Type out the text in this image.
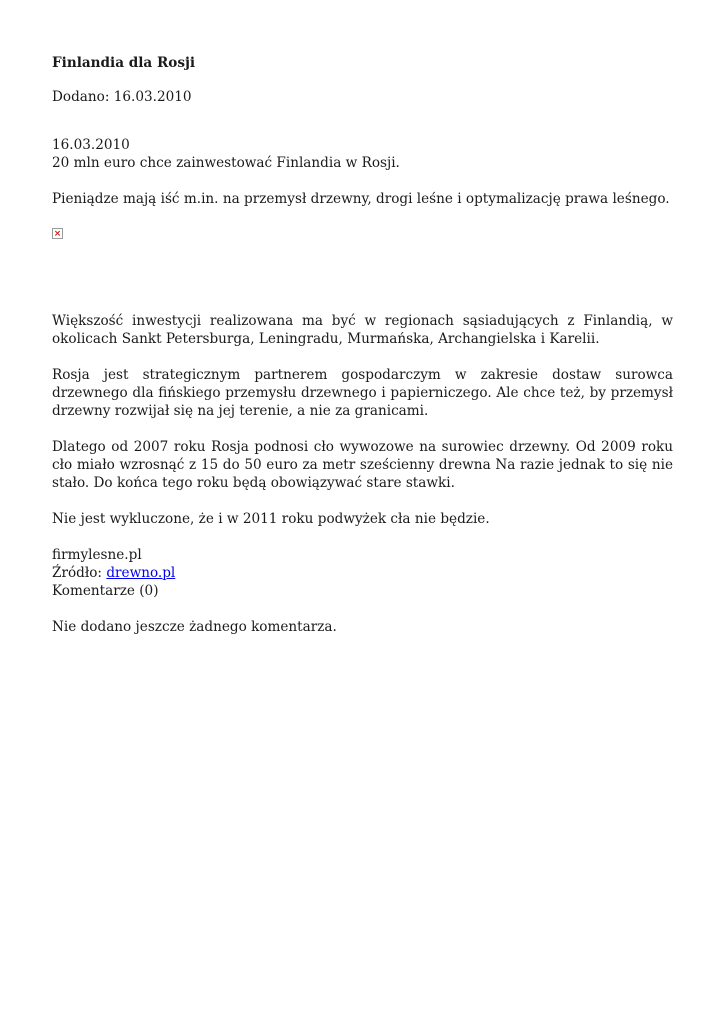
Finlandia dla Rosji
Dodano: 16.03.2010
16.03.2010
20 mln euro chce zainwestować Finlandia w Rosji.
Pieniądze mają iść m.in. na przemysł drzewny, drogi leśne i optymalizację prawa leśnego.
×
Większość inwestycji realizowana ma być w regionach sąsiadujących z Finlandią, w okolicach Sankt Petersburga, Leningradu, Murmańska, Archangielska i Karelii.
Rosja jest strategicznym partnerem gospodarczym w zakresie dostaw surowca drzewnego dla fińskiego przemysłu drzewnego i papierniczego. Ale chce też, by przemysł drzewny rozwijał się na jej terenie, a nie za granicami.
Dlatego od 2007 roku Rosja podnosi cło wywozowe na surowiec drzewny. Od 2009 roku cło miało wzrosnąć z 15 do 50 euro za metr sześcienny drewna Na razie jednak to się nie stało. Do końca tego roku będą obowiązywać stare stawki.
Nie jest wykluczone, że i w 2011 roku podwyżek cła nie będzie.
firmylesne.pl
Źródło: drewno.pl
Komentarze (0)
Nie dodano jeszcze żadnego komentarza.
